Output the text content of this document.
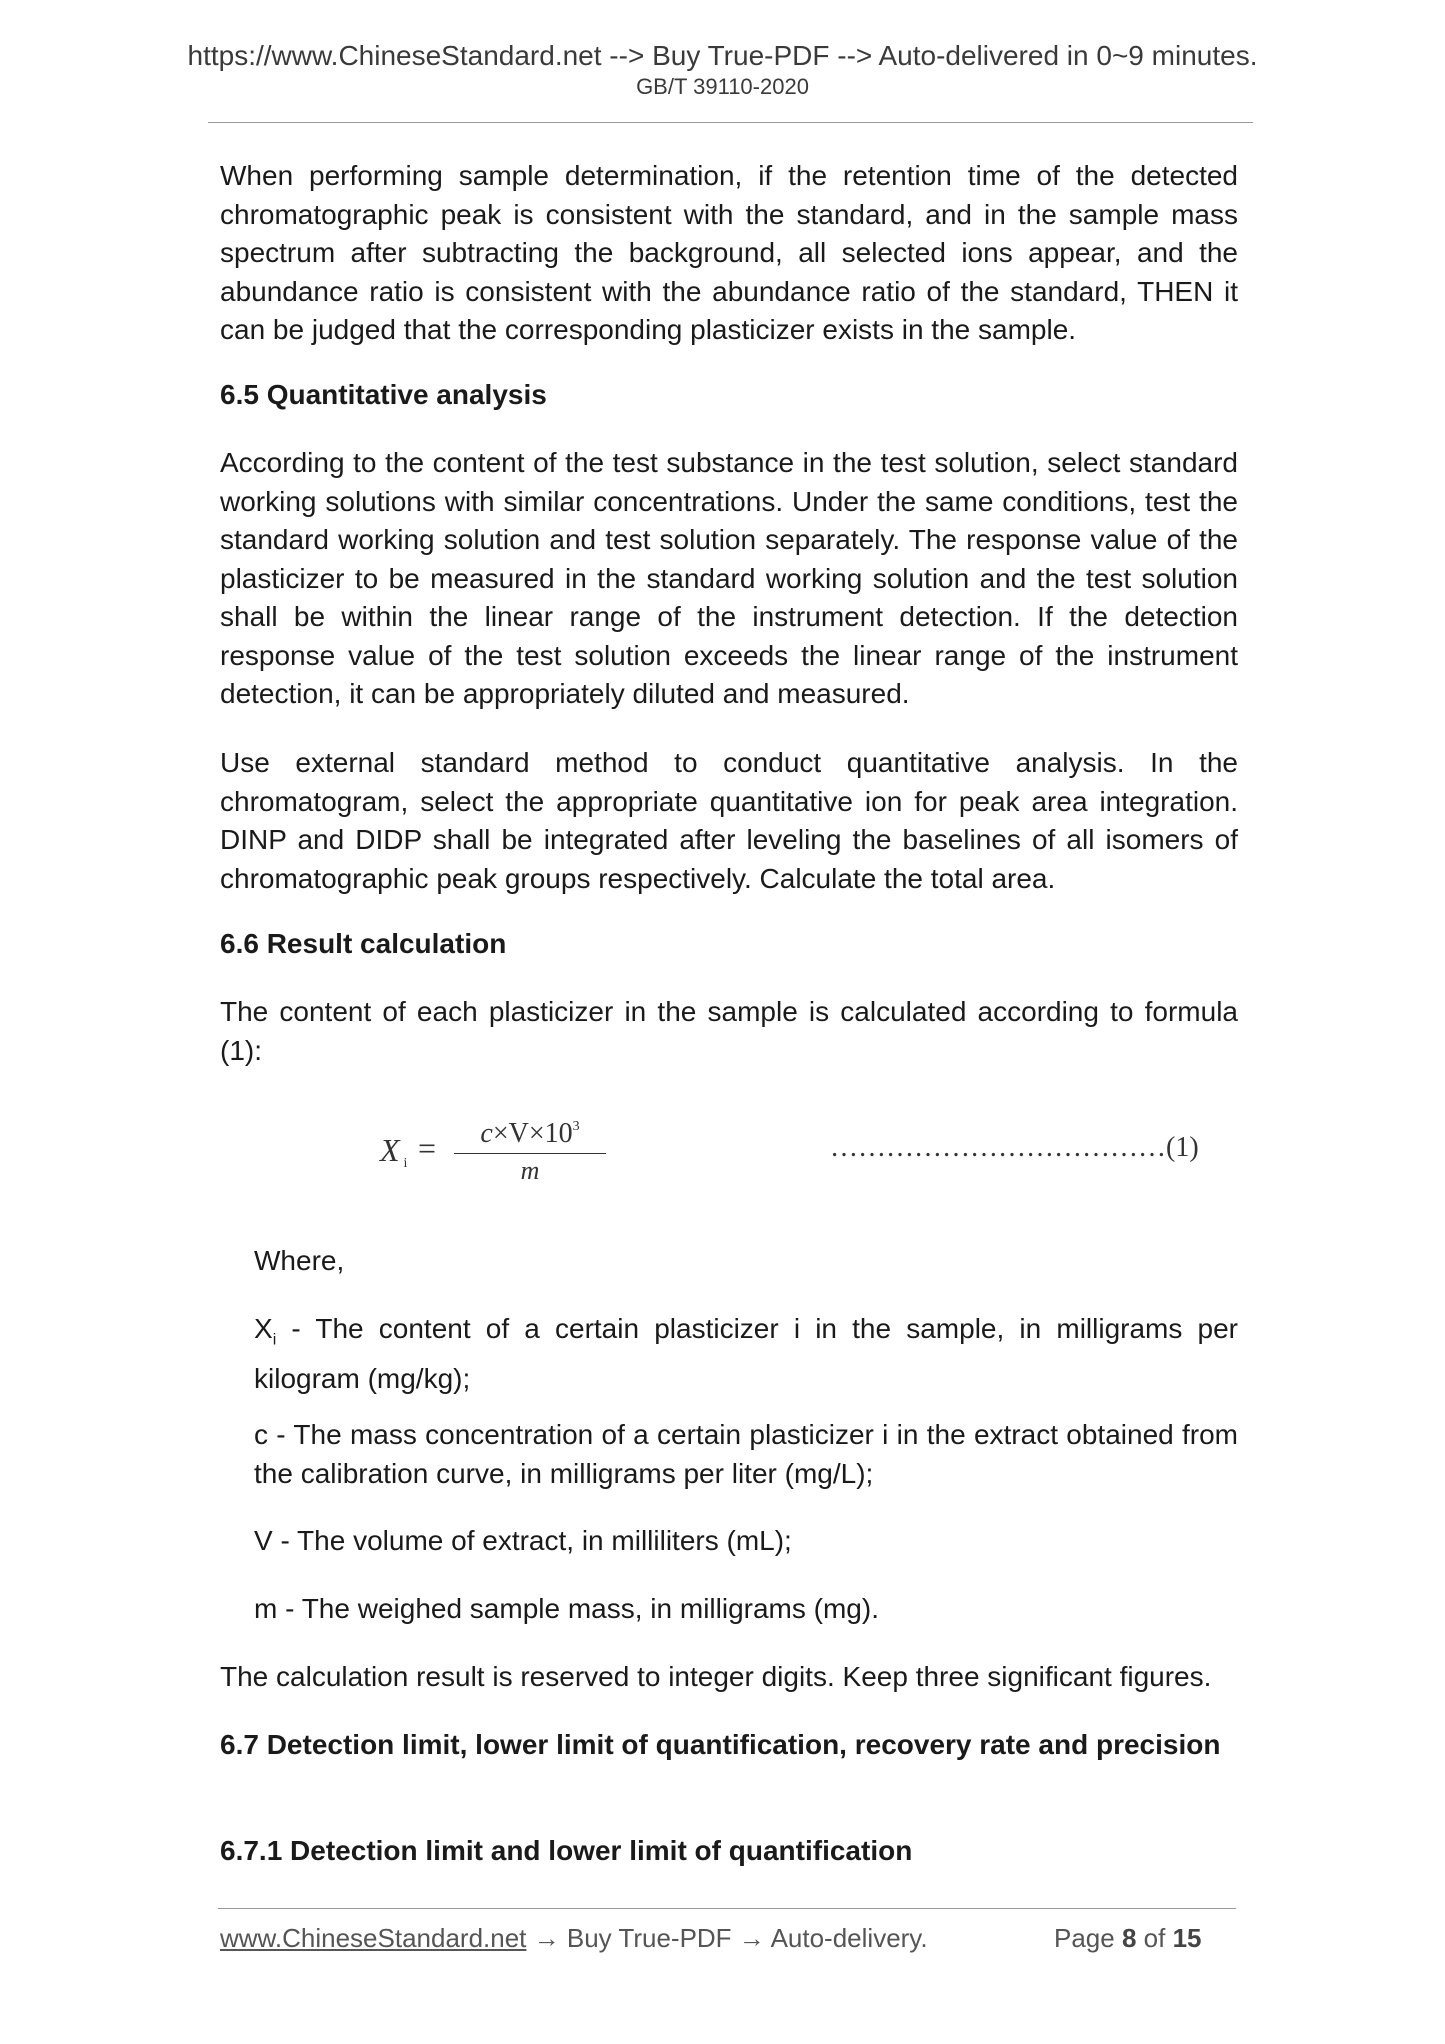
https://www.ChineseStandard.net --> Buy True-PDF --> Auto-delivered in 0~9 minutes.
GB/T 39110-2020

When performing sample determination, if the retention time of the detected chromatographic peak is consistent with the standard, and in the sample mass spectrum after subtracting the background, all selected ions appear, and the abundance ratio is consistent with the abundance ratio of the standard, THEN it can be judged that the corresponding plasticizer exists in the sample.

6.5 Quantitative analysis

According to the content of the test substance in the test solution, select standard working solutions with similar concentrations. Under the same conditions, test the standard working solution and test solution separately. The response value of the plasticizer to be measured in the standard working solution and the test solution shall be within the linear range of the instrument detection. If the detection response value of the test solution exceeds the linear range of the instrument detection, it can be appropriately diluted and measured.

Use external standard method to conduct quantitative analysis. In the chromatogram, select the appropriate quantitative ion for peak area integration. DINP and DIDP shall be integrated after leveling the baselines of all isomers of chromatographic peak groups respectively. Calculate the total area.

6.6 Result calculation

The content of each plasticizer in the sample is calculated according to formula (1):

X $_i$ =	$c\times V\times 10^3$
m
………………………………(1)

Where,

$X_i$ - The content of a certain plasticizer i in the sample, in milligrams per kilogram (mg/kg);

c - The mass concentration of a certain plasticizer i in the extract obtained from the calibration curve, in milligrams per liter (mg/L);

V - The volume of extract, in milliliters (mL);

m - The weighed sample mass, in milligrams (mg).

The calculation result is reserved to integer digits. Keep three significant figures.

6.7 Detection limit, lower limit of quantification, recovery rate and precision

6.7.1 Detection limit and lower limit of quantification

www.ChineseStandard.net → Buy True-PDF → Auto-delivery.	Page 8 of 15
